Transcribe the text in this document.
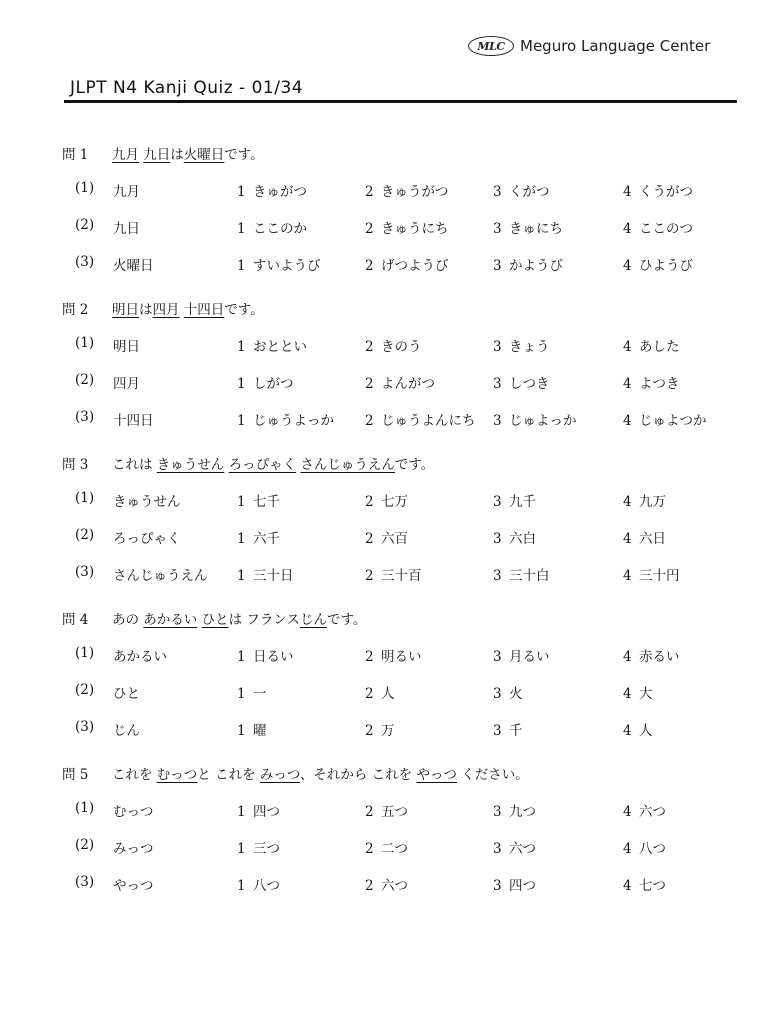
MLC	Meguro Language Center
JLPT N4 Kanji Quiz - 01/34
問 1 九月 九日は火曜日です。
(1) 九月	1 きゅがつ	2 きゅうがつ	3 くがつ	4 くうがつ
(2) 九日	1 ここのか	2 きゅうにち	3 きゅにち	4 ここのつ
(3) 火曜日	1 すいようび	2 げつようび	3 かようび	4 ひようび
問 2 明日は四月 十四日です。
(1) 明日	1 おととい	2 きのう	3 きょう	4 あした
(2) 四月	1 しがつ	2 よんがつ	3 しつき	4 よつき
(3) 十四日	1 じゅうよっか 2 じゅうよんにち 3 じゅよっか	4 じゅよつか
問 3 これは きゅうせん ろっぴゃく さんじゅうえんです。
(1) きゅうせん	1 七千	2 七万	3 九千	4 九万
(2) ろっぴゃく	1 六千	2 六百	3 六白	4 六日
(3) さんじゅうえん 1 三十日	2 三十百	3 三十白	4 三十円
問 4 あの あかるい ひとは フランスじんです。
(1) あかるい	1 日るい	2 明るい	3 月るい	4 赤るい
(2) ひと	1 一	2 人	3 火	4 大
(3) じん	1 曜	2 万	3 千	4 人
問 5 これを むっつと これを みっつ、それから これを やっつ ください。
(1) むっつ	1 四つ	2 五つ	3 九つ	4 六つ
(2) みっつ	1 三つ	2 二つ	3 六つ	4 八つ
(3) やっつ	1 八つ	2 六つ	3 四つ	4 七つ
